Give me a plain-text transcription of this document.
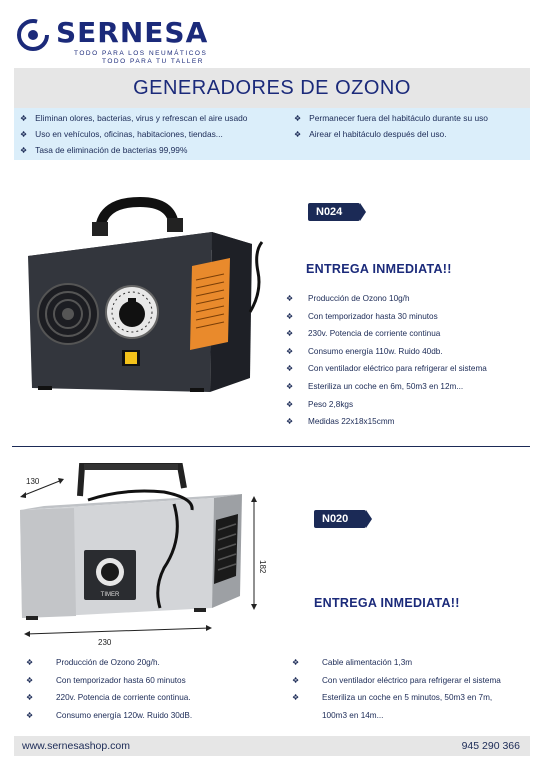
SERNESA
TODO PARA LOS NEUMÁTICOS
TODO PARA TU TALLER
GENERADORES DE OZONO
❖ Eliminan olores, bacterias, virus y refrescan el aire usado
❖ Uso en vehículos, oficinas, habitaciones, tiendas...
❖ Tasa de eliminación de bacterias 99,99%
❖ Permanecer fuera del habitáculo durante su uso
❖ Airear el habitáculo después del uso.
N024
ENTREGA INMEDIATA!!
❖	Producción de Ozono 10g/h
❖	Con temporizador hasta 30 minutos
❖	230v. Potencia de corriente continua
❖	Consumo energía 110w. Ruido 40db.
❖	Con ventilador eléctrico para refrigerar el sistema
❖	Esteriliza un coche en 6m, 50m3 en 12m...
❖	Peso 2,8kgs
❖	Medidas 22x18x15cmm
TIMER
130
182
230
N020
ENTREGA INMEDIATA!!
❖	Producción de Ozono 20g/h.
❖	Con temporizador hasta 60 minutos
❖	220v. Potencia de corriente continua.
❖	Consumo energía 120w. Ruido 30dB.
❖	Cable alimentación 1,3m
❖	Con ventilador eléctrico para refrigerar el sistema
❖	Esteriliza un coche en 5 minutos, 50m3 en 7m,
100m3 en 14m...
www.sernesashop.com	945 290 366
